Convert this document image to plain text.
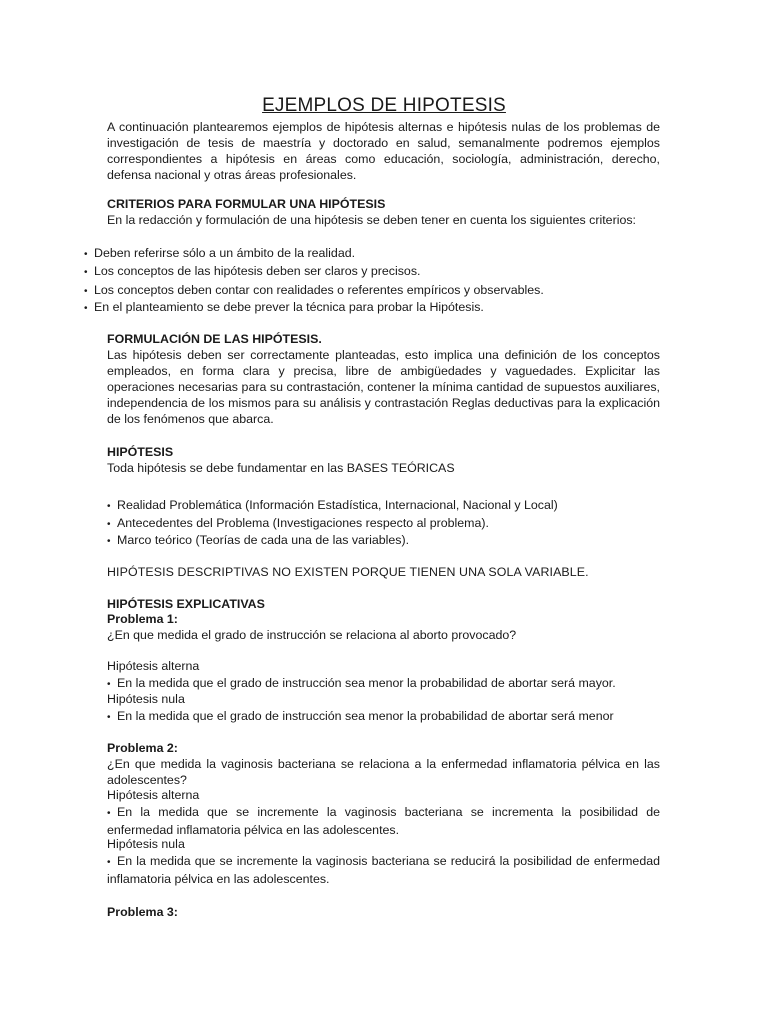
EJEMPLOS DE HIPOTESIS
A continuación plantearemos ejemplos de hipótesis alternas e hipótesis nulas de los problemas de investigación de tesis de maestría y doctorado en salud, semanalmente podremos ejemplos correspondientes a hipótesis en áreas como educación, sociología, administración, derecho, defensa nacional y otras áreas profesionales.
CRITERIOS PARA FORMULAR UNA HIPÓTESIS
En la redacción y formulación de una hipótesis se deben tener en cuenta los siguientes criterios:
• Deben referirse sólo a un ámbito de la realidad.
• Los conceptos de las hipótesis deben ser claros y precisos.
• Los conceptos deben contar con realidades o referentes empíricos y observables.
• En el planteamiento se debe prever la técnica para probar la Hipótesis.
FORMULACIÓN DE LAS HIPÓTESIS.
Las hipótesis deben ser correctamente planteadas, esto implica una definición de los conceptos empleados, en forma clara y precisa, libre de ambigüedades y vaguedades. Explicitar las operaciones necesarias para su contrastación, contener la mínima cantidad de supuestos auxiliares, independencia de los mismos para su análisis y contrastación Reglas deductivas para la explicación de los fenómenos que abarca.
HIPÓTESIS
Toda hipótesis se debe fundamentar en las BASES TEÓRICAS
• Realidad Problemática (Información Estadística, Internacional, Nacional y Local)
• Antecedentes del Problema (Investigaciones respecto al problema).
• Marco teórico (Teorías de cada una de las variables).
HIPÓTESIS DESCRIPTIVAS NO EXISTEN PORQUE TIENEN UNA SOLA VARIABLE.
HIPÓTESIS EXPLICATIVAS
Problema 1:
¿En que medida el grado de instrucción se relaciona al aborto provocado?
Hipótesis alterna
• En la medida que el grado de instrucción sea menor la probabilidad de abortar será mayor.
Hipótesis nula
• En la medida que el grado de instrucción sea menor la probabilidad de abortar será menor
Problema 2:
¿En que medida la vaginosis bacteriana se relaciona a la enfermedad inflamatoria pélvica en las adolescentes?
Hipótesis alterna
• En la medida que se incremente la vaginosis bacteriana se incrementa la posibilidad de enfermedad inflamatoria pélvica en las adolescentes.
Hipótesis nula
• En la medida que se incremente la vaginosis bacteriana se reducirá la posibilidad de enfermedad inflamatoria pélvica en las adolescentes.
Problema 3:
